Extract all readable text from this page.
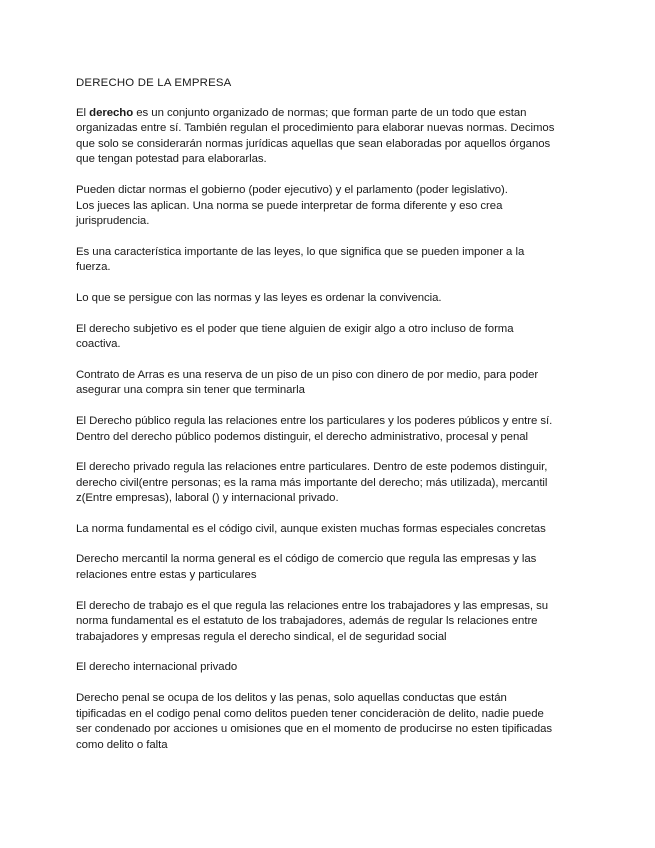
DERECHO DE LA EMPRESA
El derecho es un conjunto organizado de normas; que forman parte de un todo que estan
organizadas entre sí. También regulan el procedimiento para elaborar nuevas normas. Decimos
que solo se considerarán normas jurídicas aquellas que sean elaboradas por aquellos órganos
que tengan potestad para elaborarlas.
Pueden dictar normas el gobierno (poder ejecutivo) y el parlamento (poder legislativo).
Los jueces las aplican. Una norma se puede interpretar de forma diferente y eso crea
jurisprudencia.
Es una característica importante de las leyes, lo que significa que se pueden imponer a la
fuerza.
Lo que se persigue con las normas y las leyes es ordenar la convivencia.
El derecho subjetivo es el poder que tiene alguien de exigir algo a otro incluso de forma
coactiva.
Contrato de Arras es una reserva de un piso de un piso con dinero de por medio, para poder
asegurar una compra sin tener que terminarla
El Derecho público regula las relaciones entre los particulares y los poderes públicos y entre sí.
Dentro del derecho público podemos distinguir, el derecho administrativo, procesal y penal
El derecho privado regula las relaciones entre particulares. Dentro de este podemos distinguir,
derecho civil(entre personas; es la rama más importante del derecho; más utilizada), mercantil
z(Entre empresas), laboral () y internacional privado.
La norma fundamental es el código civil, aunque existen muchas formas especiales concretas
Derecho mercantil la norma general es el código de comercio que regula las empresas y las
relaciones entre estas y particulares
El derecho de trabajo es el que regula las relaciones entre los trabajadores y las empresas, su
norma fundamental es el estatuto de los trabajadores, además de regular ls relaciones entre
trabajadores y empresas regula el derecho sindical, el de seguridad social
El derecho internacional privado
Derecho penal se ocupa de los delitos y las penas, solo aquellas conductas que están
tipificadas en el codigo penal como delitos pueden tener concideraciòn de delito, nadie puede
ser condenado por acciones u omisiones que en el momento de producirse no esten tipificadas
como delito o falta
